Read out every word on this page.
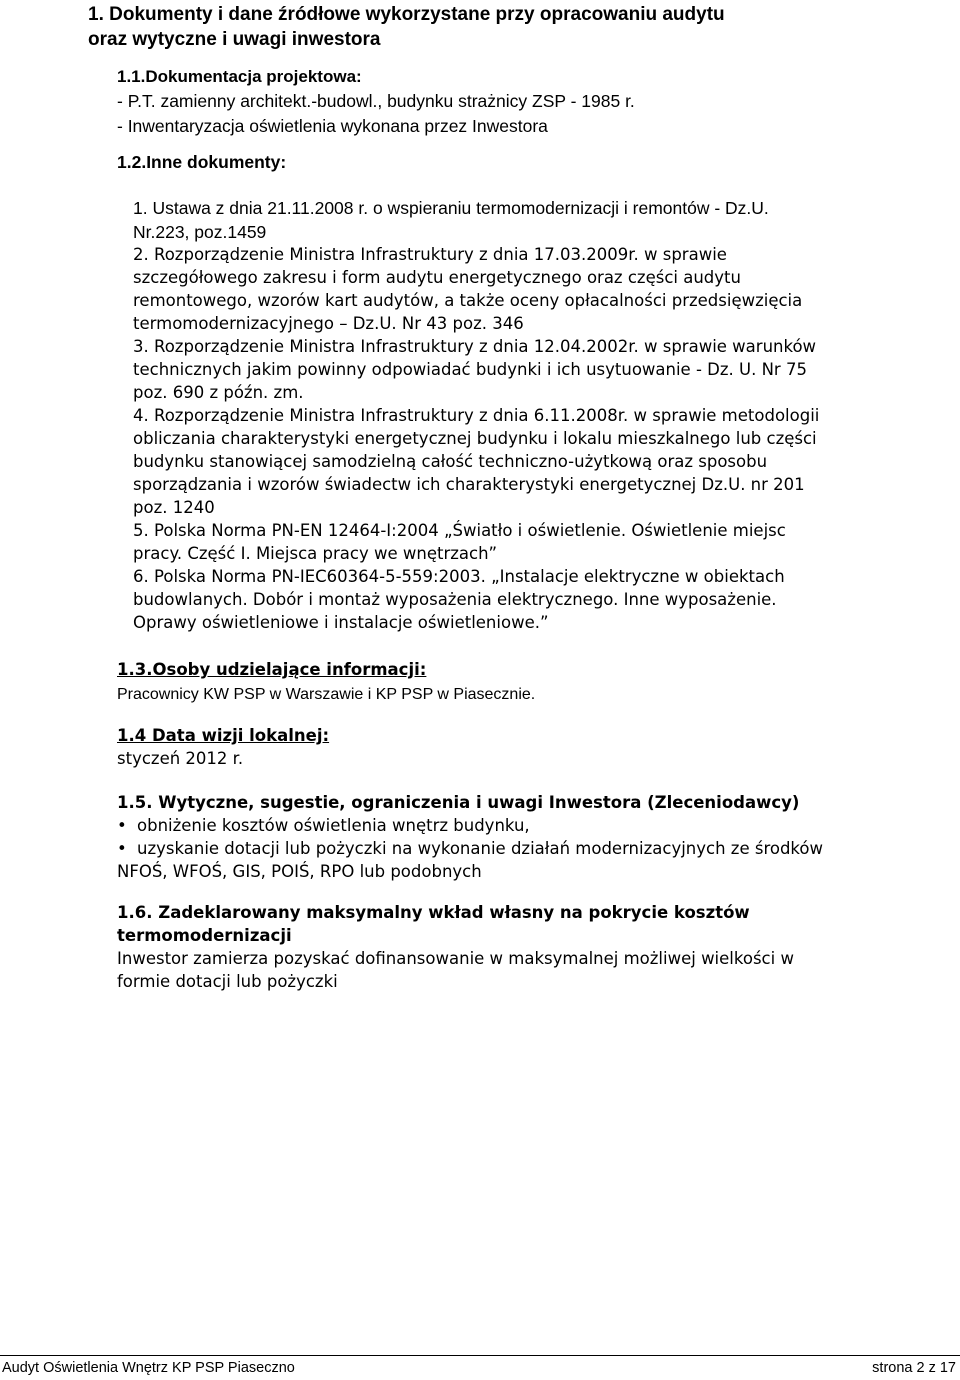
1. Dokumenty i dane źródłowe wykorzystane przy opracowaniu audytu
oraz wytyczne i uwagi inwestora
1.1.Dokumentacja projektowa:
- P.T. zamienny architekt.-budowl., budynku strażnicy ZSP - 1985 r.
- Inwentaryzacja oświetlenia wykonana przez Inwestora
1.2.Inne dokumenty:
1. Ustawa z dnia 21.11.2008 r. o wspieraniu termomodernizacji i remontów - Dz.U.
Nr.223, poz.1459
2. Rozporządzenie Ministra Infrastruktury z dnia 17.03.2009r. w sprawie
szczegółowego zakresu i form audytu energetycznego oraz części audytu
remontowego, wzorów kart audytów, a także oceny opłacalności przedsięwzięcia
termomodernizacyjnego – Dz.U. Nr 43 poz. 346
3. Rozporządzenie Ministra Infrastruktury z dnia 12.04.2002r. w sprawie warunków
technicznych jakim powinny odpowiadać budynki i ich usytuowanie - Dz. U. Nr 75
poz. 690 z późn. zm.
4. Rozporządzenie Ministra Infrastruktury z dnia 6.11.2008r. w sprawie metodologii
obliczania charakterystyki energetycznej budynku i lokalu mieszkalnego lub części
budynku stanowiącej samodzielną całość techniczno-użytkową oraz sposobu
sporządzania i wzorów świadectw ich charakterystyki energetycznej Dz.U. nr 201
poz. 1240
5. Polska Norma PN-EN 12464-I:2004 „Światło i oświetlenie. Oświetlenie miejsc
pracy. Część I. Miejsca pracy we wnętrzach”
6. Polska Norma PN-IEC60364-5-559:2003. „Instalacje elektryczne w obiektach
budowlanych. Dobór i montaż wyposażenia elektrycznego. Inne wyposażenie.
Oprawy oświetleniowe i instalacje oświetleniowe.”
1.3.Osoby udzielające informacji:
Pracownicy KW PSP w Warszawie i KP PSP w Piasecznie.
1.4 Data wizji lokalnej:
styczeń 2012 r.
1.5. Wytyczne, sugestie, ograniczenia i uwagi Inwestora (Zleceniodawcy)
• obniżenie kosztów oświetlenia wnętrz budynku,
• uzyskanie dotacji lub pożyczki na wykonanie działań modernizacyjnych ze środków
NFOŚ, WFOŚ, GIS, POIŚ, RPO lub podobnych
1.6. Zadeklarowany maksymalny wkład własny na pokrycie kosztów
termomodernizacji
Inwestor zamierza pozyskać dofinansowanie w maksymalnej możliwej wielkości w
formie dotacji lub pożyczki
Audyt Oświetlenia Wnętrz KP PSP Piaseczno	strona 2 z 17
